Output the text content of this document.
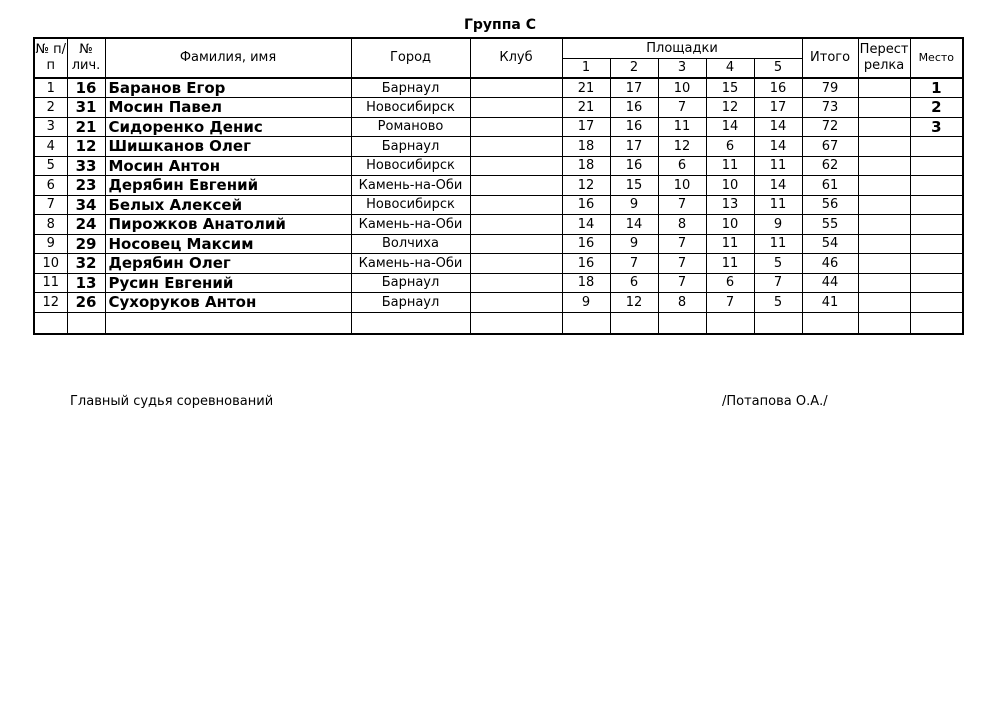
Группа С
№ п/п	№ лич.	Фамилия, имя	Город	Клуб	Площадки					Итого	Перест релка	Место
					1	2	3	4	5			
1	16	Баранов Егор	Барнаул		21	17	10	15	16	79		1
2	31	Мосин Павел	Новосибирск		21	16	7	12	17	73		2
3	21	Сидоренко Денис	Романово		17	16	11	14	14	72		3
4	12	Шишканов Олег	Барнаул		18	17	12	6	14	67		
5	33	Мосин Антон	Новосибирск		18	16	6	11	11	62		
6	23	Дерябин Евгений	Камень-на-Оби		12	15	10	10	14	61		
7	34	Белых Алексей	Новосибирск		16	9	7	13	11	56		
8	24	Пирожков Анатолий	Камень-на-Оби		14	14	8	10	9	55		
9	29	Носовец Максим	Волчиха		16	9	7	11	11	54		
10	32	Дерябин Олег	Камень-на-Оби		16	7	7	11	5	46		
11	13	Русин Евгений	Барнаул		18	6	7	6	7	44		
12	26	Сухоруков Антон	Барнаул		9	12	8	7	5	41		

Главный судья соревнований	/Потапова О.А./
